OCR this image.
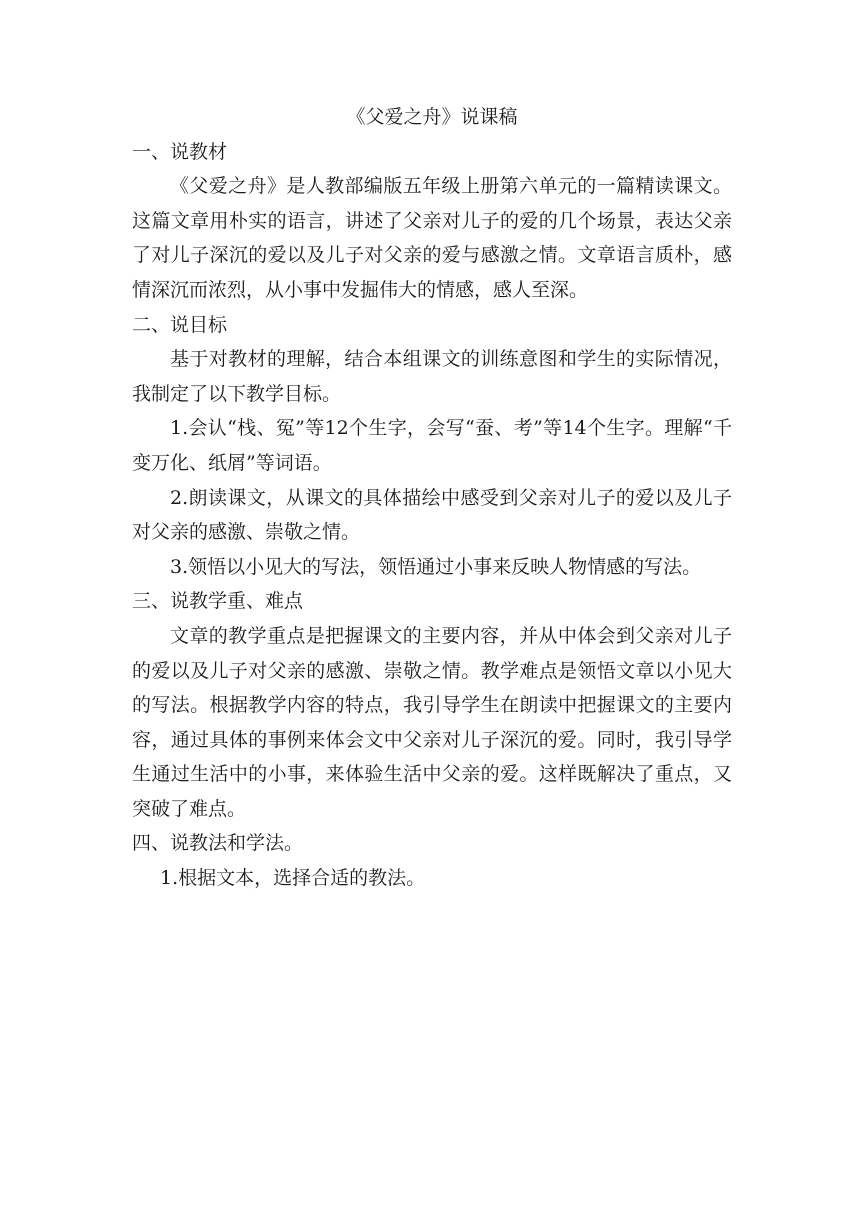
《父爱之舟》说课稿

一、说教材

《父爱之舟》是人教部编版五年级上册第六单元的一篇精读课文。这篇文章用朴实的语言，讲述了父亲对儿子的爱的几个场景，表达父亲了对儿子深沉的爱以及儿子对父亲的爱与感激之情。文章语言质朴，感情深沉而浓烈，从小事中发掘伟大的情感，感人至深。

二、说目标

基于对教材的理解，结合本组课文的训练意图和学生的实际情况，我制定了以下教学目标。

1.会认“栈、冤”等12个生字，会写“蚕、考”等14个生字。理解“千变万化、纸屑”等词语。

2.朗读课文，从课文的具体描绘中感受到父亲对儿子的爱以及儿子对父亲的感激、崇敬之情。

3.领悟以小见大的写法，领悟通过小事来反映人物情感的写法。

三、说教学重、难点

文章的教学重点是把握课文的主要内容，并从中体会到父亲对儿子的爱以及儿子对父亲的感激、崇敬之情。教学难点是领悟文章以小见大的写法。根据教学内容的特点，我引导学生在朗读中把握课文的主要内容，通过具体的事例来体会文中父亲对儿子深沉的爱。同时，我引导学生通过生活中的小事，来体验生活中父亲的爱。这样既解决了重点，又突破了难点。

四、说教法和学法。

1.根据文本，选择合适的教法。
